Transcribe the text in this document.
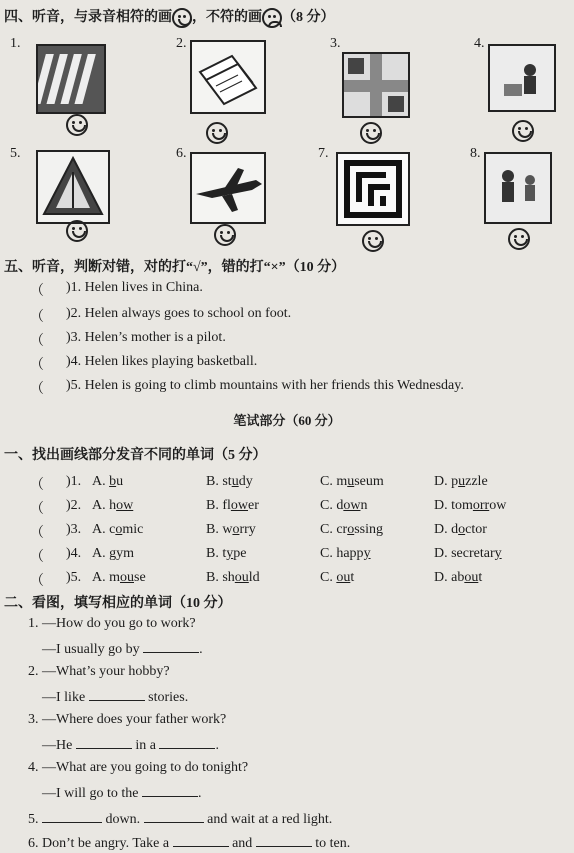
四、听音，与录音相符的画 ，不符的画 （8 分）
1.	2.	3.	4.
5.	6.	7.	8.
五、听音，判断对错，对的打“√”，错的打“×”（10 分）
（ )1. Helen lives in China.
（ )2. Helen always goes to school on foot.
（ )3. Helen’s mother is a pilot.
（ )4. Helen likes playing basketball.
（ )5. Helen is going to climb mountains with her friends this Wednesday.
笔试部分（60 分）
一、找出画线部分发音不同的单词（5 分）
（ )1. A. bu	B. study	C. museum	D. puzzle
（ )2. A. how	B. flower	C. down	D. tomorrow
（ )3. A. comic	B. worry	C. crossing	D. doctor
（ )4. A. gym	B. type	C. happy	D. secretary
（ )5. A. mouse	B. should	C. out	D. about
二、看图，填写相应的单词（10 分）
1. —How do you go to work?
—I usually go by	.
2. —What’s your hobby?
—I like	stories.
3. —Where does your father work?
—He	in a	.
4. —What are you going to do tonight?
—I will go to the	.
5.	down.	and wait at a red light.
6. Don’t be angry. Take a	and	to ten.
